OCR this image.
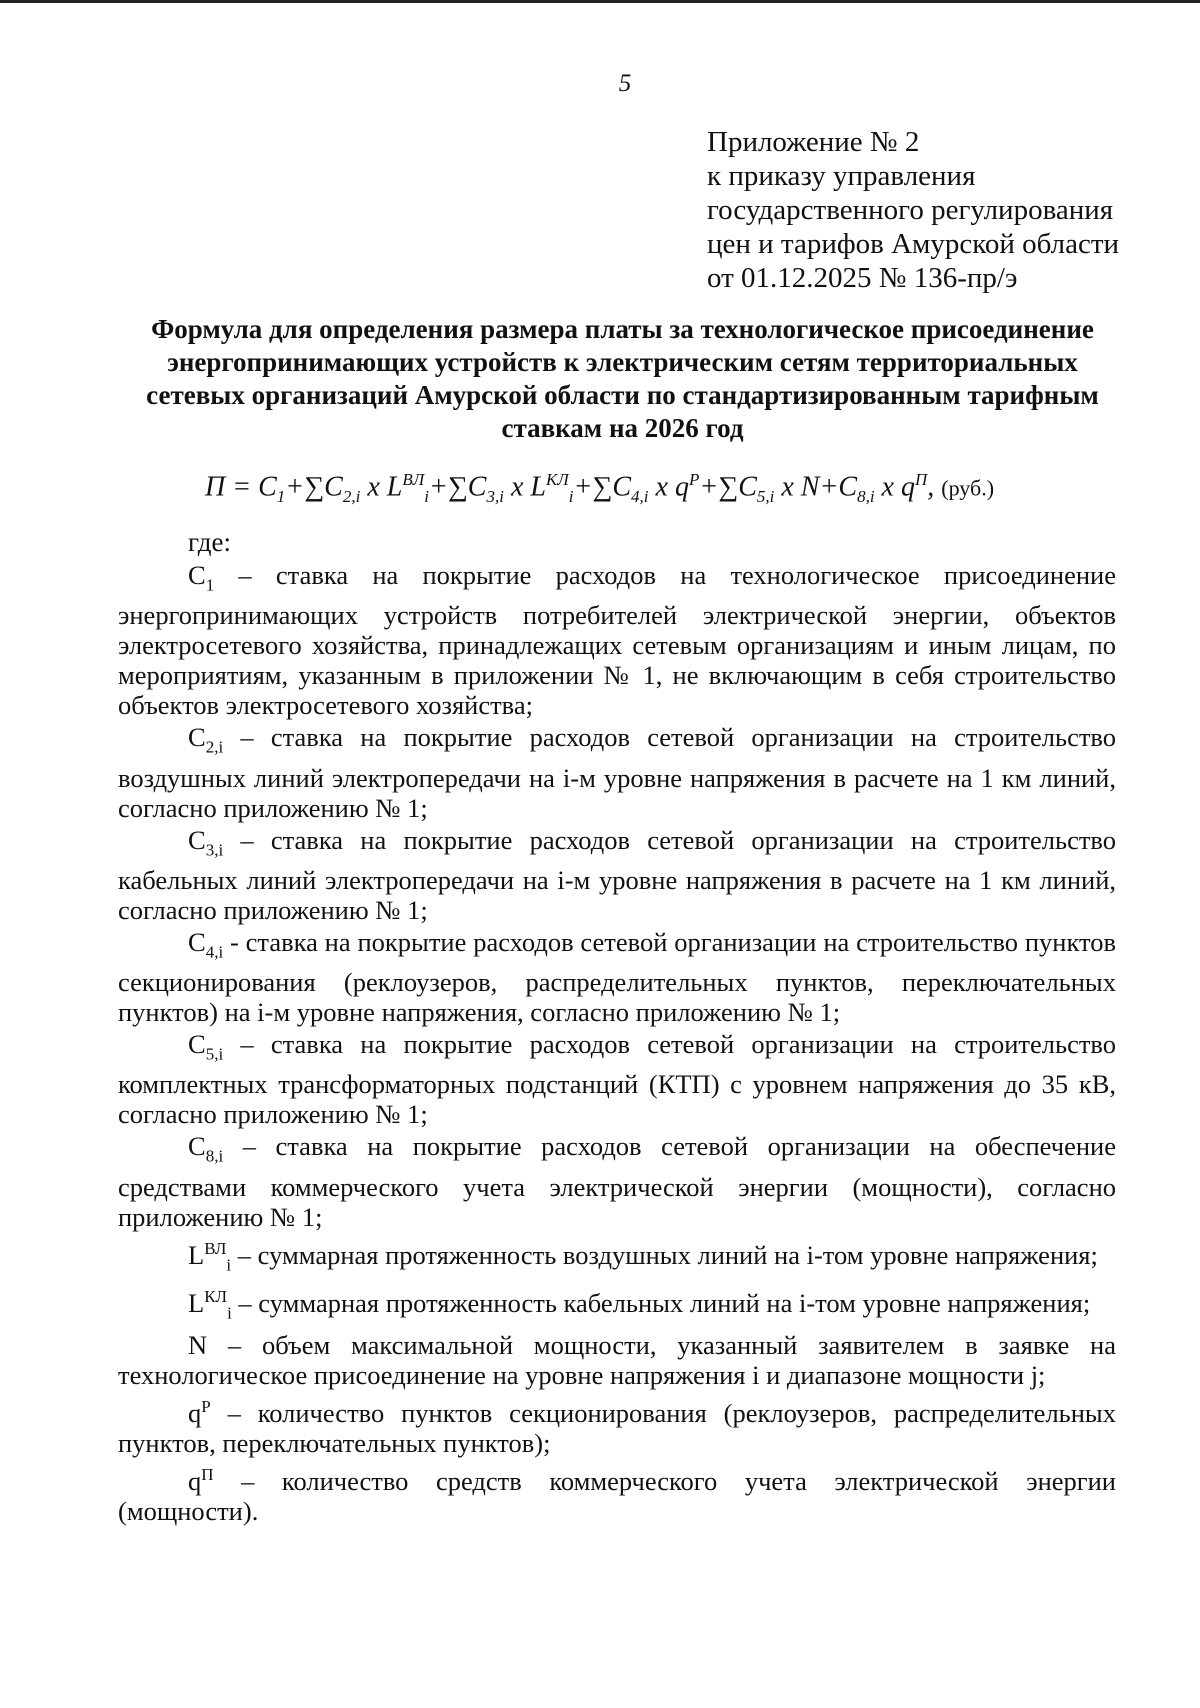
5
Приложение № 2
к приказу управления
государственного регулирования
цен и тарифов Амурской области
от 01.12.2025 № 136-пр/э
Формула для определения размера платы за технологическое присоединение энергопринимающих устройств к электрическим сетям территориальных сетевых организаций Амурской области по стандартизированным тарифным ставкам на 2026 год
$П = C_1+\sum C_{2,i}$ x $L^{ВЛ}_i+\sum C_{3,i}$ x $L^{КЛ}_i+\sum C_{4,i}$ x $q^P+\sum C_{5,i}$ x $N+C_{8,i}$ x $q^П$, (руб.)
где:

$C_1$ – ставка на покрытие расходов на технологическое присоединение энергопринимающих устройств потребителей электрической энергии, объектов электросетевого хозяйства, принадлежащих сетевым организациям и иным лицам, по мероприятиям, указанным в приложении № 1, не включающим в себя строительство объектов электросетевого хозяйства;

$C_{2,i}$ – ставка на покрытие расходов сетевой организации на строительство воздушных линий электропередачи на i-м уровне напряжения в расчете на 1 км линий, согласно приложению № 1;

$C_{3,i}$ – ставка на покрытие расходов сетевой организации на строительство кабельных линий электропередачи на i-м уровне напряжения в расчете на 1 км линий, согласно приложению № 1;

$C_{4,i}$ - ставка на покрытие расходов сетевой организации на строительство пунктов секционирования (реклоузеров, распределительных пунктов, переключательных пунктов) на i-м уровне напряжения, согласно приложению № 1;

$C_{5,i}$ – ставка на покрытие расходов сетевой организации на строительство комплектных трансформаторных подстанций (КТП) с уровнем напряжения до 35 кВ, согласно приложению № 1;

$C_{8,i}$ – ставка на покрытие расходов сетевой организации на обеспечение средствами коммерческого учета электрической энергии (мощности), согласно приложению № 1;

$L^{ВЛ}_i$ – суммарная протяженность воздушных линий на i-том уровне напряжения;

$L^{КЛ}_i$ – суммарная протяженность кабельных линий на i-том уровне напряжения;

N – объем максимальной мощности, указанный заявителем в заявке на технологическое присоединение на уровне напряжения i и диапазоне мощности j;

$q^Р$ – количество пунктов секционирования (реклоузеров, распределительных пунктов, переключательных пунктов);

$q^П$ – количество средств коммерческого учета электрической энергии (мощности).
